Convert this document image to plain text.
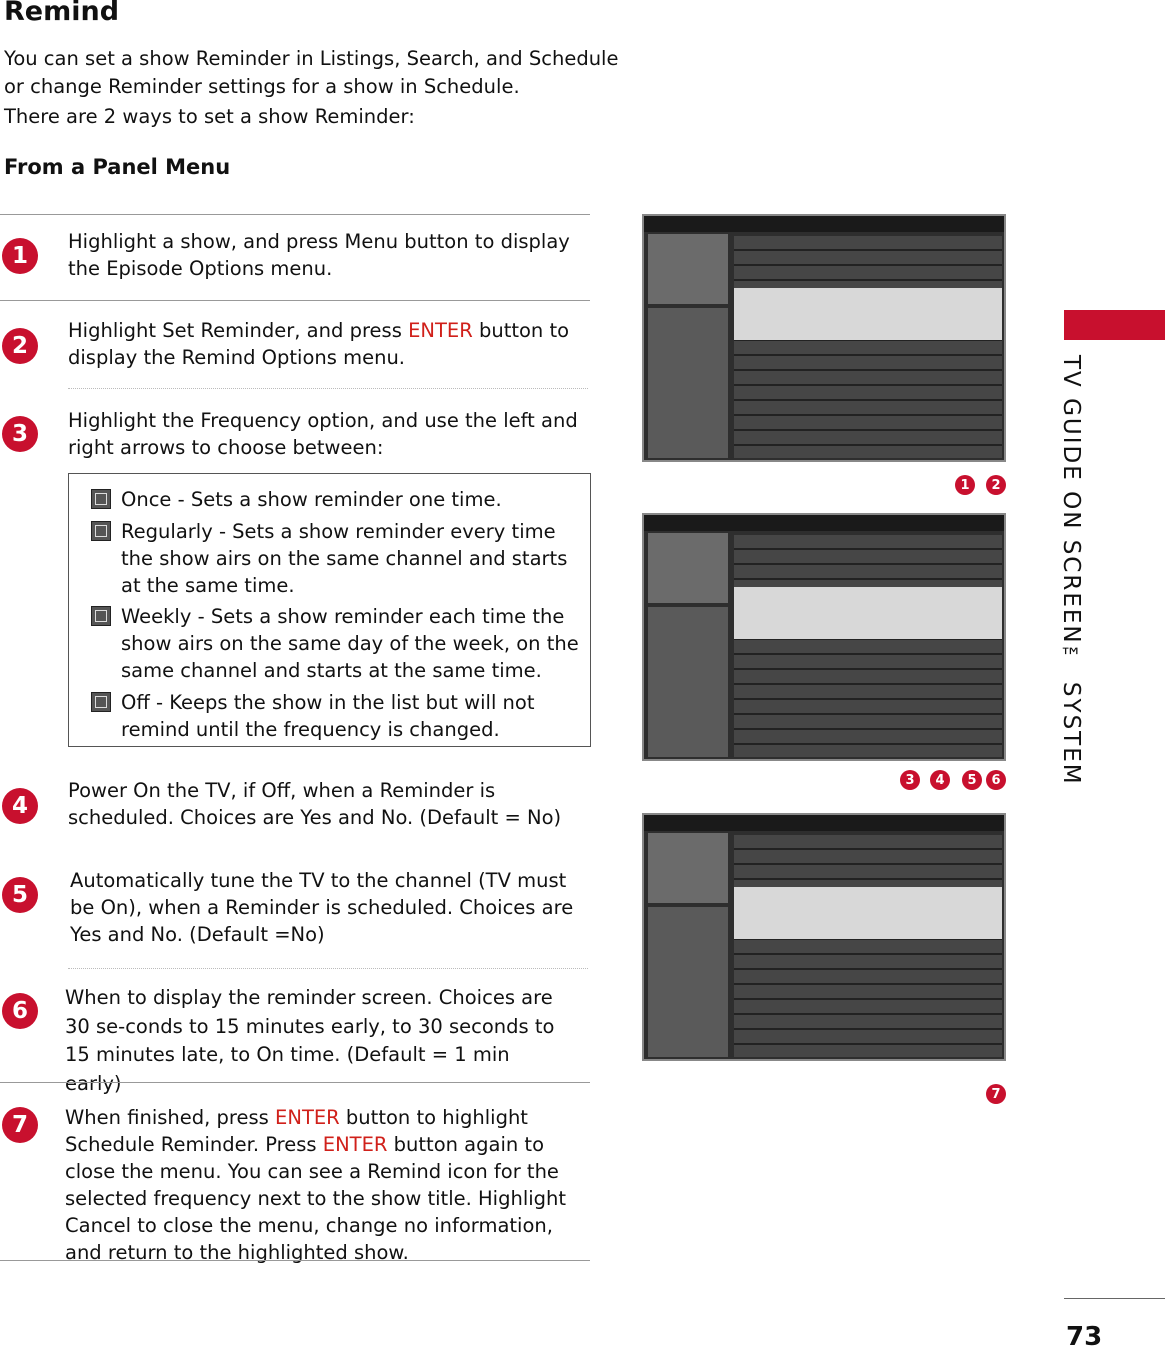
Remind
You can set a show Reminder in Listings, Search, and Schedule
or change Reminder settings for a show in Schedule.
There are 2 ways to set a show Reminder:
From a Panel Menu
1
Highlight a show, and press Menu button to display the Episode Options menu.
2
Highlight Set Reminder, and press ENTER button to display the Remind Options menu.
3
Highlight the Frequency option, and use the left and right arrows to choose between:
Once - Sets a show reminder one time.
Regularly - Sets a show reminder every time the show airs on the same channel and starts at the same time.
Weekly - Sets a show reminder each time the show airs on the same day of the week, on the same channel and starts at the same time.
Off - Keeps the show in the list but will not remind until the frequency is changed.
4
Power On the TV, if Off, when a Reminder is scheduled. Choices are Yes and No. (Default = No)
5
Automatically tune the TV to the channel (TV must be On), when a Reminder is scheduled. Choices are Yes and No. (Default =No)
6
When to display the reminder screen. Choices are 30 se-conds to 15 minutes early, to 30 seconds to 15 minutes late, to On time. (Default = 1 min early)
7	When finished, press ENTER button to highlight Schedule Reminder. Press ENTER button again to close the menu. You can see a Remind icon for the selected frequency next to the show title. Highlight Cancel to close the menu, change no information, and return to the highlighted show.
1	2
3	4	5	6
7
TV GUIDE ON SCREEN™ SYSTEM
73
